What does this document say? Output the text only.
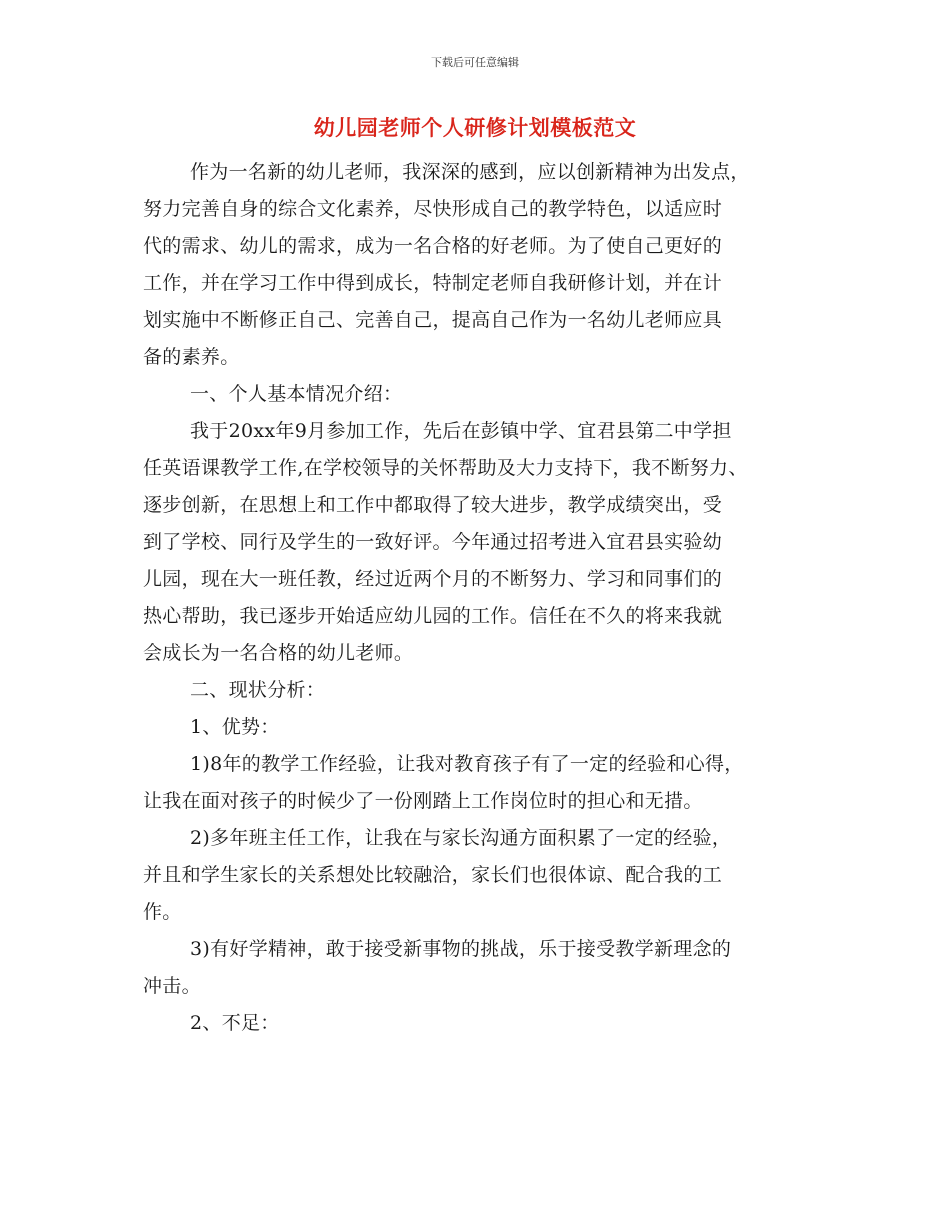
下载后可任意编辑
幼儿园老师个人研修计划模板范文
作为一名新的幼儿老师，我深深的感到，应以创新精神为出发点，
努力完善自身的综合文化素养，尽快形成自己的教学特色，以适应时
代的需求、幼儿的需求，成为一名合格的好老师。为了使自己更好的
工作，并在学习工作中得到成长，特制定老师自我研修计划，并在计
划实施中不断修正自己、完善自己，提高自己作为一名幼儿老师应具
备的素养。
一、个人基本情况介绍：
我于20xx年9月参加工作，先后在彭镇中学、宜君县第二中学担
任英语课教学工作,在学校领导的关怀帮助及大力支持下，我不断努力、
逐步创新，在思想上和工作中都取得了较大进步，教学成绩突出，受
到了学校、同行及学生的一致好评。今年通过招考进入宜君县实验幼
儿园，现在大一班任教，经过近两个月的不断努力、学习和同事们的
热心帮助，我已逐步开始适应幼儿园的工作。信任在不久的将来我就
会成长为一名合格的幼儿老师。
二、现状分析：
1、优势：
1)8年的教学工作经验，让我对教育孩子有了一定的经验和心得，
让我在面对孩子的时候少了一份刚踏上工作岗位时的担心和无措。
2)多年班主任工作，让我在与家长沟通方面积累了一定的经验，
并且和学生家长的关系想处比较融洽，家长们也很体谅、配合我的工
作。
3)有好学精神，敢于接受新事物的挑战，乐于接受教学新理念的
冲击。
2、不足：
